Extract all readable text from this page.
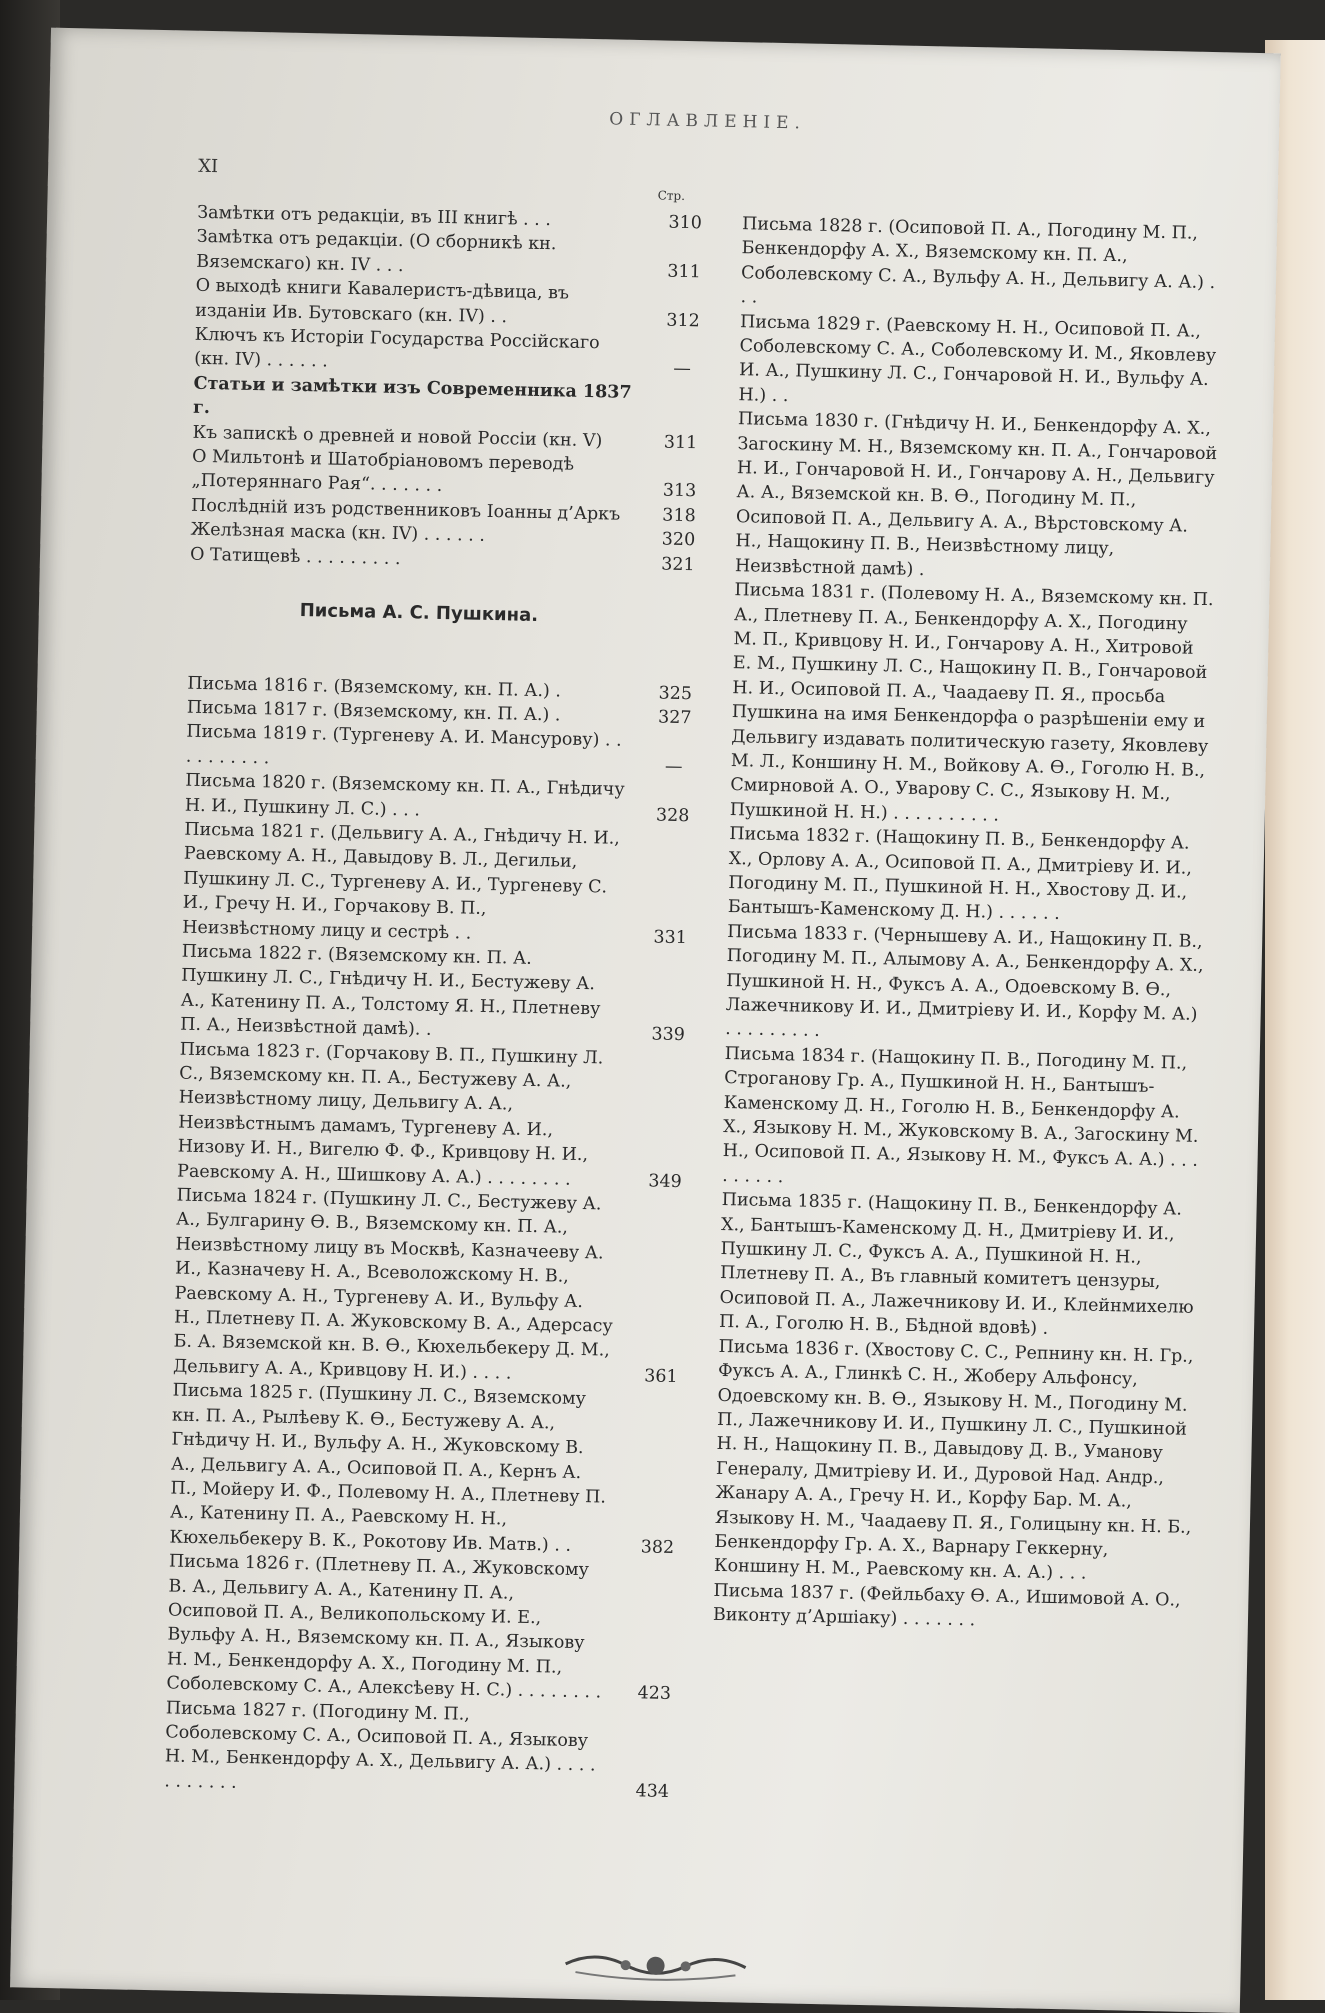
ОГЛАВЛЕНІЕ.
XI
Стр.
Замѣтки отъ редакціи, въ III книгѣ . . .	310
Замѣтка отъ редакціи. (О сборникѣ кн. Вяземскаго) кн. IV . . .	311
О выходѣ книги Кавалеристъ-дѣвица, въ изданіи Ив. Бутовскаго (кн. IV) . .	312
Ключъ къ Исторіи Государства Россійскаго (кн. IV) . . . . . .	—
Статьи и замѣтки изъ Современника 1837 г.
Къ запискѣ о древней и новой Россіи (кн. V)	311
О Мильтонѣ и Шатобріановомъ переводѣ „Потеряннаго Рая“. . . . . . .	313
Послѣдній изъ родственниковъ Іоанны д’Аркъ	318
Желѣзная маска (кн. IV) . . . . . .	320
О Татищевѣ . . . . . . . . .	321
Письма А. С. Пушкина.
Письма 1816 г. (Вяземскому, кн. П. А.) .	325
Письма 1817 г. (Вяземскому, кн. П. А.) .	327
Письма 1819 г. (Тургеневу А. И. Мансурову) . . . . . . . . . .	—
Письма 1820 г. (Вяземскому кн. П. А., Гнѣдичу Н. И., Пушкину Л. С.) . . .	328
Письма 1821 г. (Дельвигу А. А., Гнѣдичу Н. И., Раевскому А. Н., Давыдову В. Л., Дегильи, Пушкину Л. С., Тургеневу А. И., Тургеневу С. И., Гречу Н. И., Горчакову В. П., Неизвѣстному лицу и сестрѣ . .	331
Письма 1822 г. (Вяземскому кн. П. А. Пушкину Л. С., Гнѣдичу Н. И., Бестужеву А. А., Катенину П. А., Толстому Я. Н., Плетневу П. А., Неизвѣстной дамѣ). .	339
Письма 1823 г. (Горчакову В. П., Пушкину Л. С., Вяземскому кн. П. А., Бестужеву А. А., Неизвѣстному лицу, Дельвигу А. А., Неизвѣстнымъ дамамъ, Тургеневу А. И., Низову И. Н., Вигелю Ф. Ф., Кривцову Н. И., Раевскому А. Н., Шишкову А. А.) . . . . . . . .	349
Письма 1824 г. (Пушкину Л. С., Бестужеву А. А., Булгарину Ѳ. В., Вяземскому кн. П. А., Неизвѣстному лицу въ Москвѣ, Казначееву А. И., Казначеву Н. А., Всеволожскому Н. В., Раевскому А. Н., Тургеневу А. И., Вульфу А. Н., Плетневу П. А. Жуковскому В. А., Адерсасу Б. А. Вяземской кн. В. Ѳ., Кюхельбекеру Д. М., Дельвигу А. А., Кривцову Н. И.) . . . .	361
Письма 1825 г. (Пушкину Л. С., Вяземскому кн. П. А., Рылѣеву К. Ѳ., Бестужеву А. А., Гнѣдичу Н. И., Вульфу А. Н., Жуковскому В. А., Дельвигу А. А., Осиповой П. А., Кернъ А. П., Мойеру И. Ф., Полевому Н. А., Плетневу П. А., Катенину П. А., Раевскому Н. Н., Кюхельбекеру В. К., Рокотову Ив. Матв.) . .	382
Письма 1826 г. (Плетневу П. А., Жуковскому В. А., Дельвигу А. А., Катенину П. А., Осиповой П. А., Великопольскому И. Е., Вульфу А. Н., Вяземскому кн. П. А., Языкову Н. М., Бенкендорфу А. Х., Погодину М. П., Соболевскому С. А., Алексѣеву Н. С.) . . . . . . . .	423
Письма 1827 г. (Погодину М. П., Соболевскому С. А., Осиповой П. А., Языкову Н. М., Бенкендорфу А. Х., Дельвигу А. А.) . . . . . . . . . . .	434
Письма 1828 г. (Осиповой П. А., Погодину М. П., Бенкендорфу А. Х., Вяземскому кн. П. А., Соболевскому С. А., Вульфу А. Н., Дельвигу А. А.) . . .
Письма 1829 г. (Раевскому Н. Н., Осиповой П. А., Соболевскому С. А., Соболевскому И. М., Яковлеву И. А., Пушкину Л. С., Гончаровой Н. И., Вульфу А. Н.) . .
Письма 1830 г. (Гнѣдичу Н. И., Бенкендорфу А. Х., Загоскину М. Н., Вяземскому кн. П. А., Гончаровой Н. И., Гончаровой Н. И., Гончарову А. Н., Дельвигу А. А., Вяземской кн. В. Ѳ., Погодину М. П., Осиповой П. А., Дельвигу А. А., Вѣрстовскому А. Н., Нащокину П. В., Неизвѣстному лицу, Неизвѣстной дамѣ) .
Письма 1831 г. (Полевому Н. А., Вяземскому кн. П. А., Плетневу П. А., Бенкендорфу А. Х., Погодину М. П., Кривцову Н. И., Гончарову А. Н., Хитровой Е. М., Пушкину Л. С., Нащокину П. В., Гончаровой Н. И., Осиповой П. А., Чаадаеву П. Я., просьба Пушкина на имя Бенкендорфа о разрѣшеніи ему и Дельвигу издавать политическую газету, Яковлеву М. Л., Коншину Н. М., Войкову А. Ѳ., Гоголю Н. В., Смирновой А. О., Уварову С. С., Языкову Н. М., Пушкиной Н. Н.) . . . . . . . . . .
Письма 1832 г. (Нащокину П. В., Бенкендорфу А. Х., Орлову А. А., Осиповой П. А., Дмитріеву И. И., Погодину М. П., Пушкиной Н. Н., Хвостову Д. И., Бантышъ-Каменскому Д. Н.) . . . . . .
Письма 1833 г. (Чернышеву А. И., Нащокину П. В., Погодину М. П., Алымову А. А., Бенкендорфу А. Х., Пушкиной Н. Н., Фуксъ А. А., Одоевскому В. Ѳ., Лажечникову И. И., Дмитріеву И. И., Корфу М. А.) . . . . . . . . .
Письма 1834 г. (Нащокину П. В., Погодину М. П., Строганову Гр. А., Пушкиной Н. Н., Бантышъ-Каменскому Д. Н., Гоголю Н. В., Бенкендорфу А. Х., Языкову Н. М., Жуковскому В. А., Загоскину М. Н., Осиповой П. А., Языкову Н. М., Фуксъ А. А.) . . . . . . . . .
Письма 1835 г. (Нащокину П. В., Бенкендорфу А. Х., Бантышъ-Каменскому Д. Н., Дмитріеву И. И., Пушкину Л. С., Фуксъ А. А., Пушкиной Н. Н., Плетневу П. А., Въ главный комитетъ цензуры, Осиповой П. А., Лажечникову И. И., Клейнмихелю П. А., Гоголю Н. В., Бѣдной вдовѣ) .
Письма 1836 г. (Хвостову С. С., Репнину кн. Н. Гр., Фуксъ А. А., Глинкѣ С. Н., Жоберу Альфонсу, Одоевскому кн. В. Ѳ., Языкову Н. М., Погодину М. П., Лажечникову И. И., Пушкину Л. С., Пушкиной Н. Н., Нащокину П. В., Давыдову Д. В., Уманову Генералу, Дмитріеву И. И., Дуровой Над. Андр., Жанару А. А., Гречу Н. И., Корфу Бар. М. А., Языкову Н. М., Чаадаеву П. Я., Голицыну кн. Н. Б., Бенкендорфу Гр. А. Х., Варнару Геккерну, Коншину Н. М., Раевскому кн. А. А.) . . .
Письма 1837 г. (Фейльбаху Ѳ. А., Ишимовой А. О., Виконту д’Аршіаку) . . . . . . .
